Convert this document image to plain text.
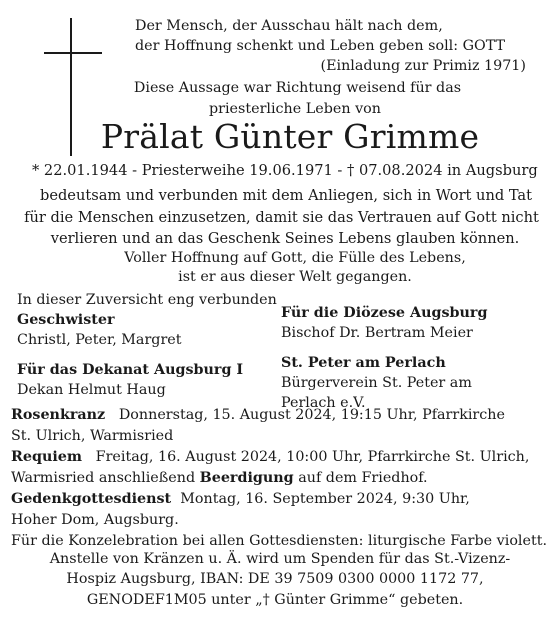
Der Mensch, der Ausschau hält nach dem,
der Hoffnung schenkt und Leben geben soll: GOTT
(Einladung zur Primiz 1971)
Diese Aussage war Richtung weisend für das
priesterliche Leben von
Prälat Günter Grimme
* 22.01.1944 - Priesterweihe 19.06.1971 - † 07.08.2024 in Augsburg
bedeutsam und verbunden mit dem Anliegen, sich in Wort und Tat
für die Menschen einzusetzen, damit sie das Vertrauen auf Gott nicht
verlieren und an das Geschenk Seines Lebens glauben können.
Voller Hoffnung auf Gott, die Fülle des Lebens,
ist er aus dieser Welt gegangen.
In dieser Zuversicht eng verbunden
Geschwister
Christl, Peter, Margret
Für das Dekanat Augsburg I
Dekan Helmut Haug
Für die Diözese Augsburg
Bischof Dr. Bertram Meier
St. Peter am Perlach
Bürgerverein St. Peter am
Perlach e.V.
Rosenkranz Donnerstag, 15. August 2024, 19:15 Uhr, Pfarrkirche
St. Ulrich, Warmisried
Requiem Freitag, 16. August 2024, 10:00 Uhr, Pfarrkirche St. Ulrich,
Warmisried anschließend Beerdigung auf dem Friedhof.
Gedenkgottesdienst Montag, 16. September 2024, 9:30 Uhr,
Hoher Dom, Augsburg.
Für die Konzelebration bei allen Gottesdiensten: liturgische Farbe violett.
Anstelle von Kränzen u. Ä. wird um Spenden für das St.-Vizenz-
Hospiz Augsburg, IBAN: DE 39 7509 0300 0000 1172 77,
GENODEF1M05 unter „† Günter Grimme“ gebeten.
